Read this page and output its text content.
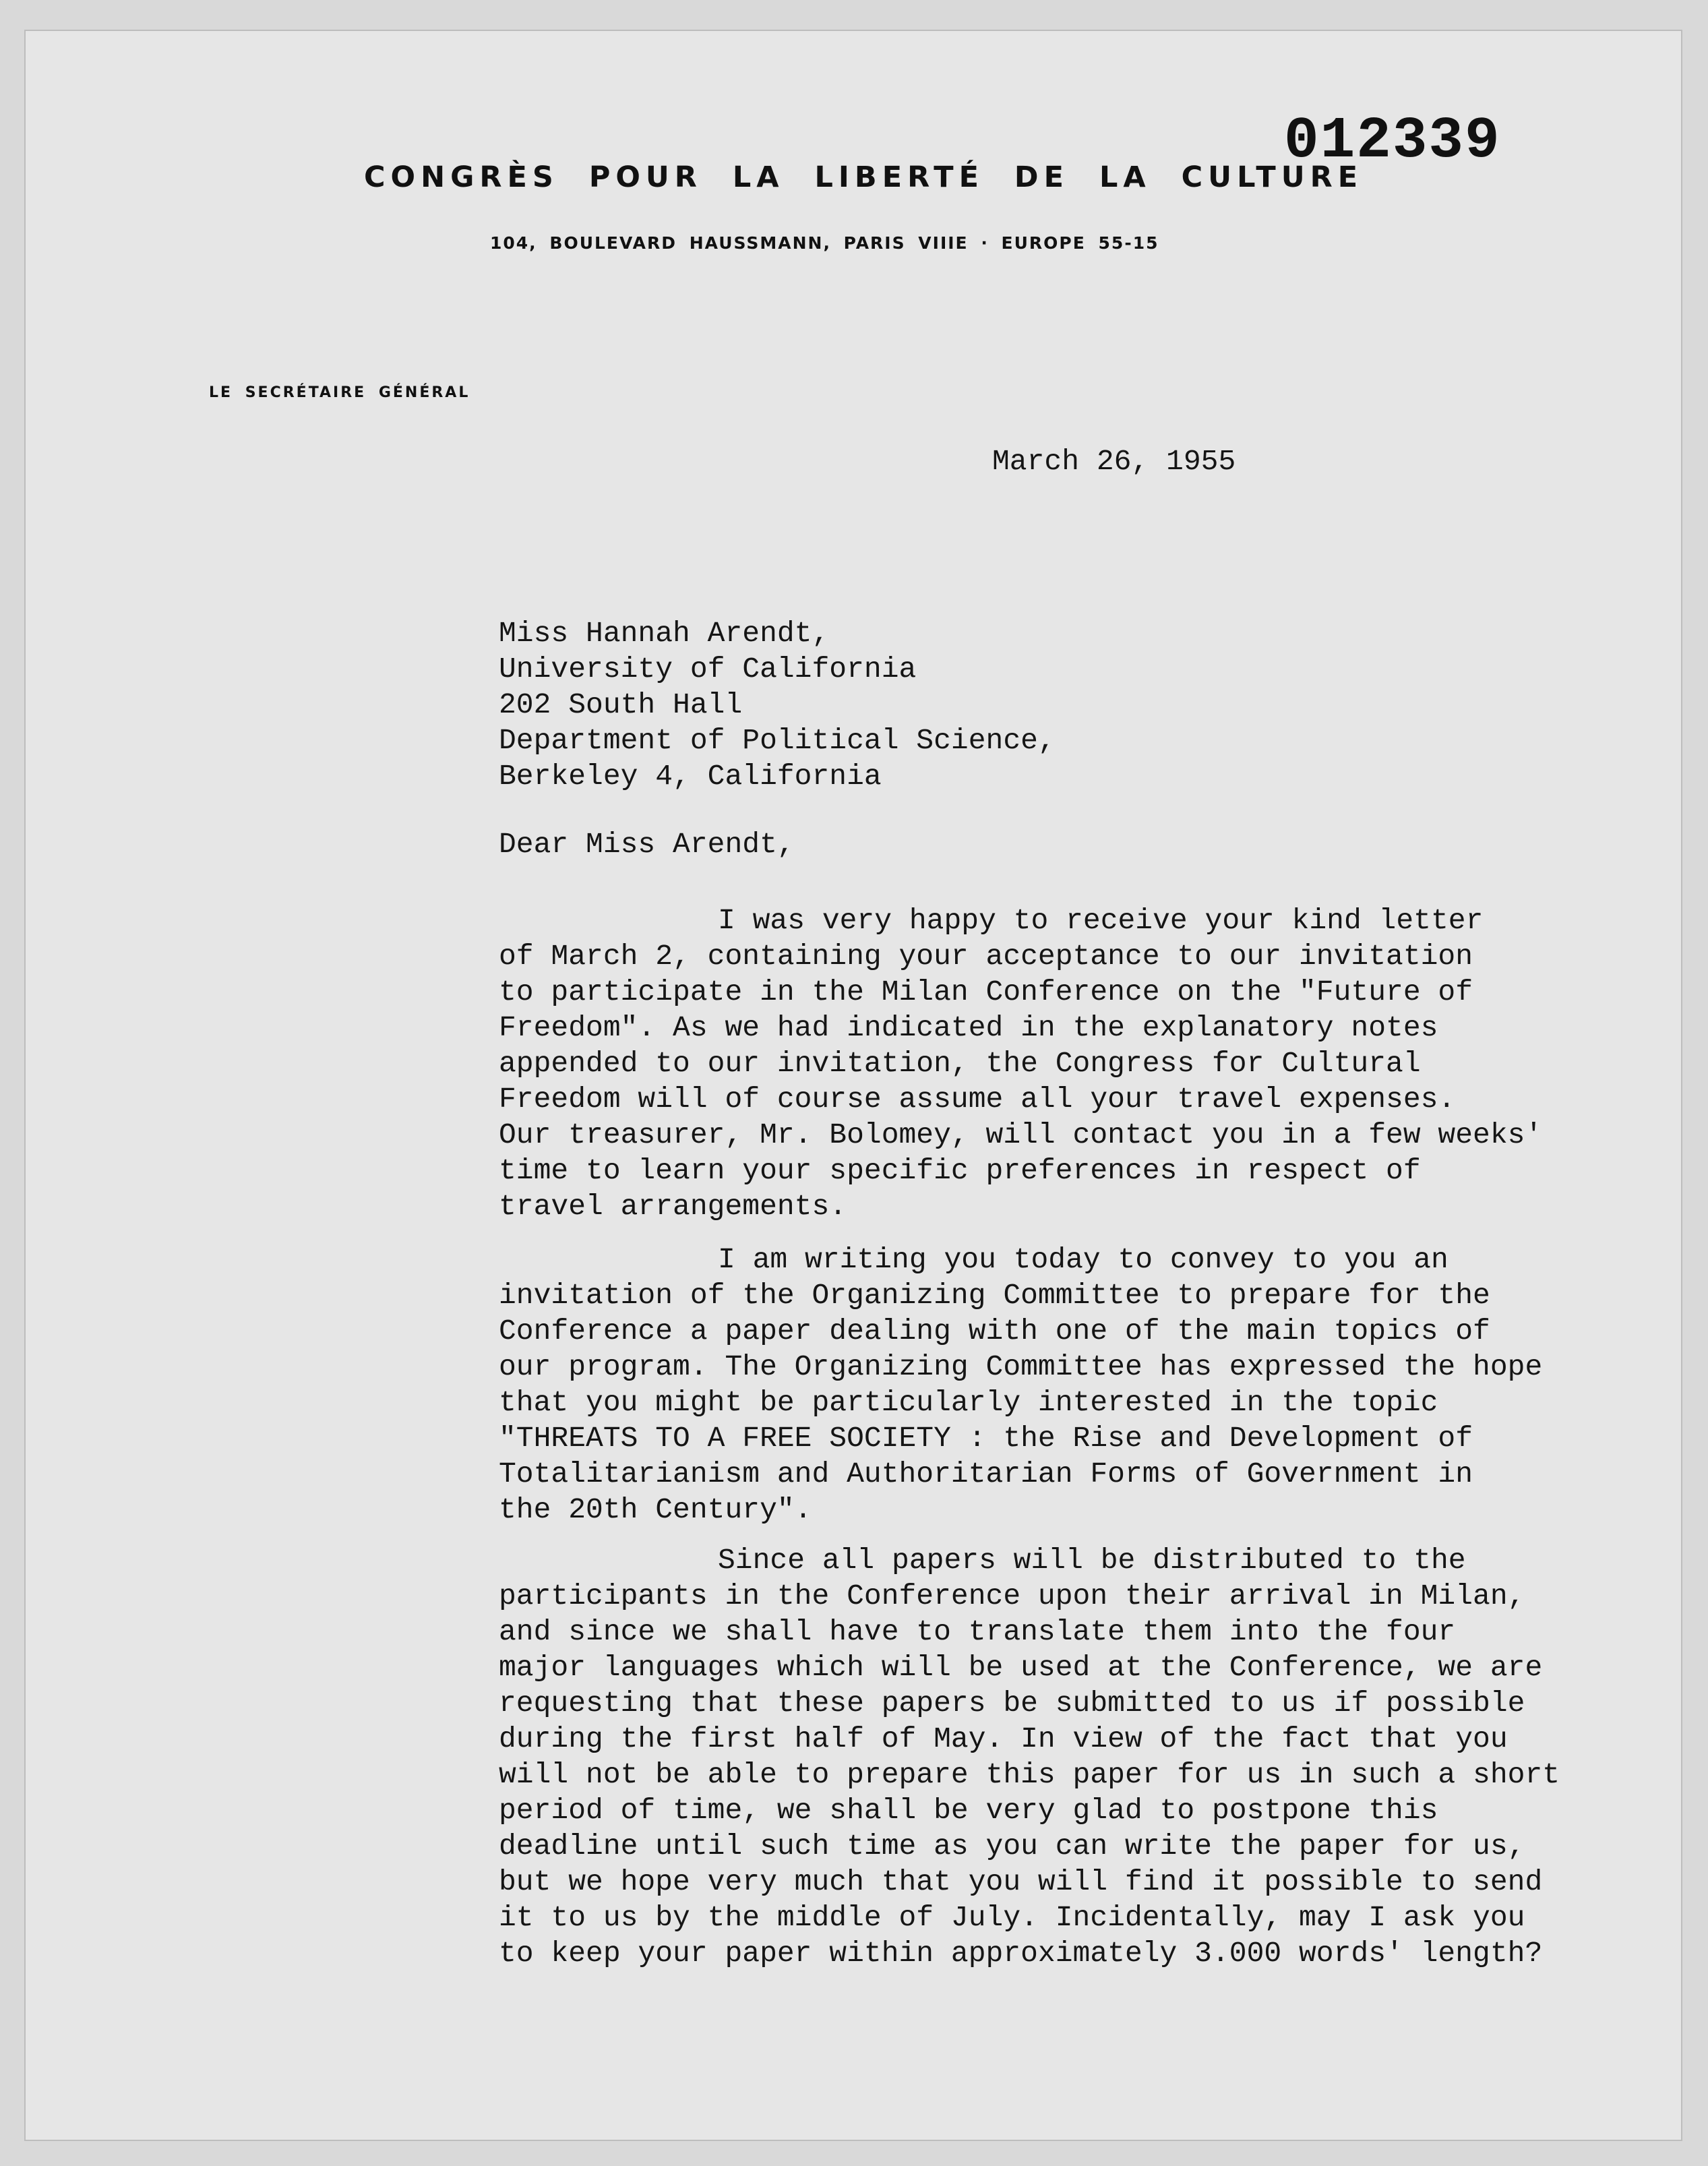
012339
CONGRÈS POUR LA LIBERTÉ DE LA CULTURE
104, BOULEVARD HAUSSMANN, PARIS VIIIE · EUROPE 55-15
LE SECRÉTAIRE GÉNÉRAL
March 26, 1955
Miss Hannah Arendt,
University of California
202 South Hall
Department of Political Science,
Berkeley 4, California
Dear Miss Arendt,
I was very happy to receive your kind letter
of March 2, containing your acceptance to our invitation
to participate in the Milan Conference on the "Future of
Freedom". As we had indicated in the explanatory notes
appended to our invitation, the Congress for Cultural
Freedom will of course assume all your travel expenses.
Our treasurer, Mr. Bolomey, will contact you in a few weeks'
time to learn your specific preferences in respect of
travel arrangements.
I am writing you today to convey to you an
invitation of the Organizing Committee to prepare for the
Conference a paper dealing with one of the main topics of
our program. The Organizing Committee has expressed the hope
that you might be particularly interested in the topic
"THREATS TO A FREE SOCIETY : the Rise and Development of
Totalitarianism and Authoritarian Forms of Government in
the 20th Century".
Since all papers will be distributed to the
participants in the Conference upon their arrival in Milan,
and since we shall have to translate them into the four
major languages which will be used at the Conference, we are
requesting that these papers be submitted to us if possible
during the first half of May. In view of the fact that you
will not be able to prepare this paper for us in such a short
period of time, we shall be very glad to postpone this
deadline until such time as you can write the paper for us,
but we hope very much that you will find it possible to send
it to us by the middle of July. Incidentally, may I ask you
to keep your paper within approximately 3.000 words' length?
